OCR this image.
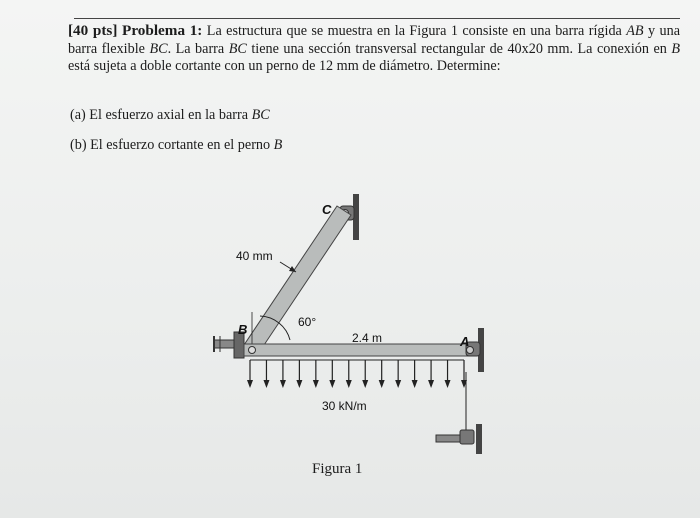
[40 pts] Problema 1: La estructura que se muestra en la Figura 1 consiste en una barra rígida AB y una barra flexible BC. La barra BC tiene una sección transversal rectangular de 40x20 mm. La conexión en B está sujeta a doble cortante con un perno de 12 mm de diámetro. Determine:
(a) El esfuerzo axial en la barra BC
(b) El esfuerzo cortante en el perno B
40 mm
60°
B
A
2.4 m
C
30 kN/m
Figura 1
